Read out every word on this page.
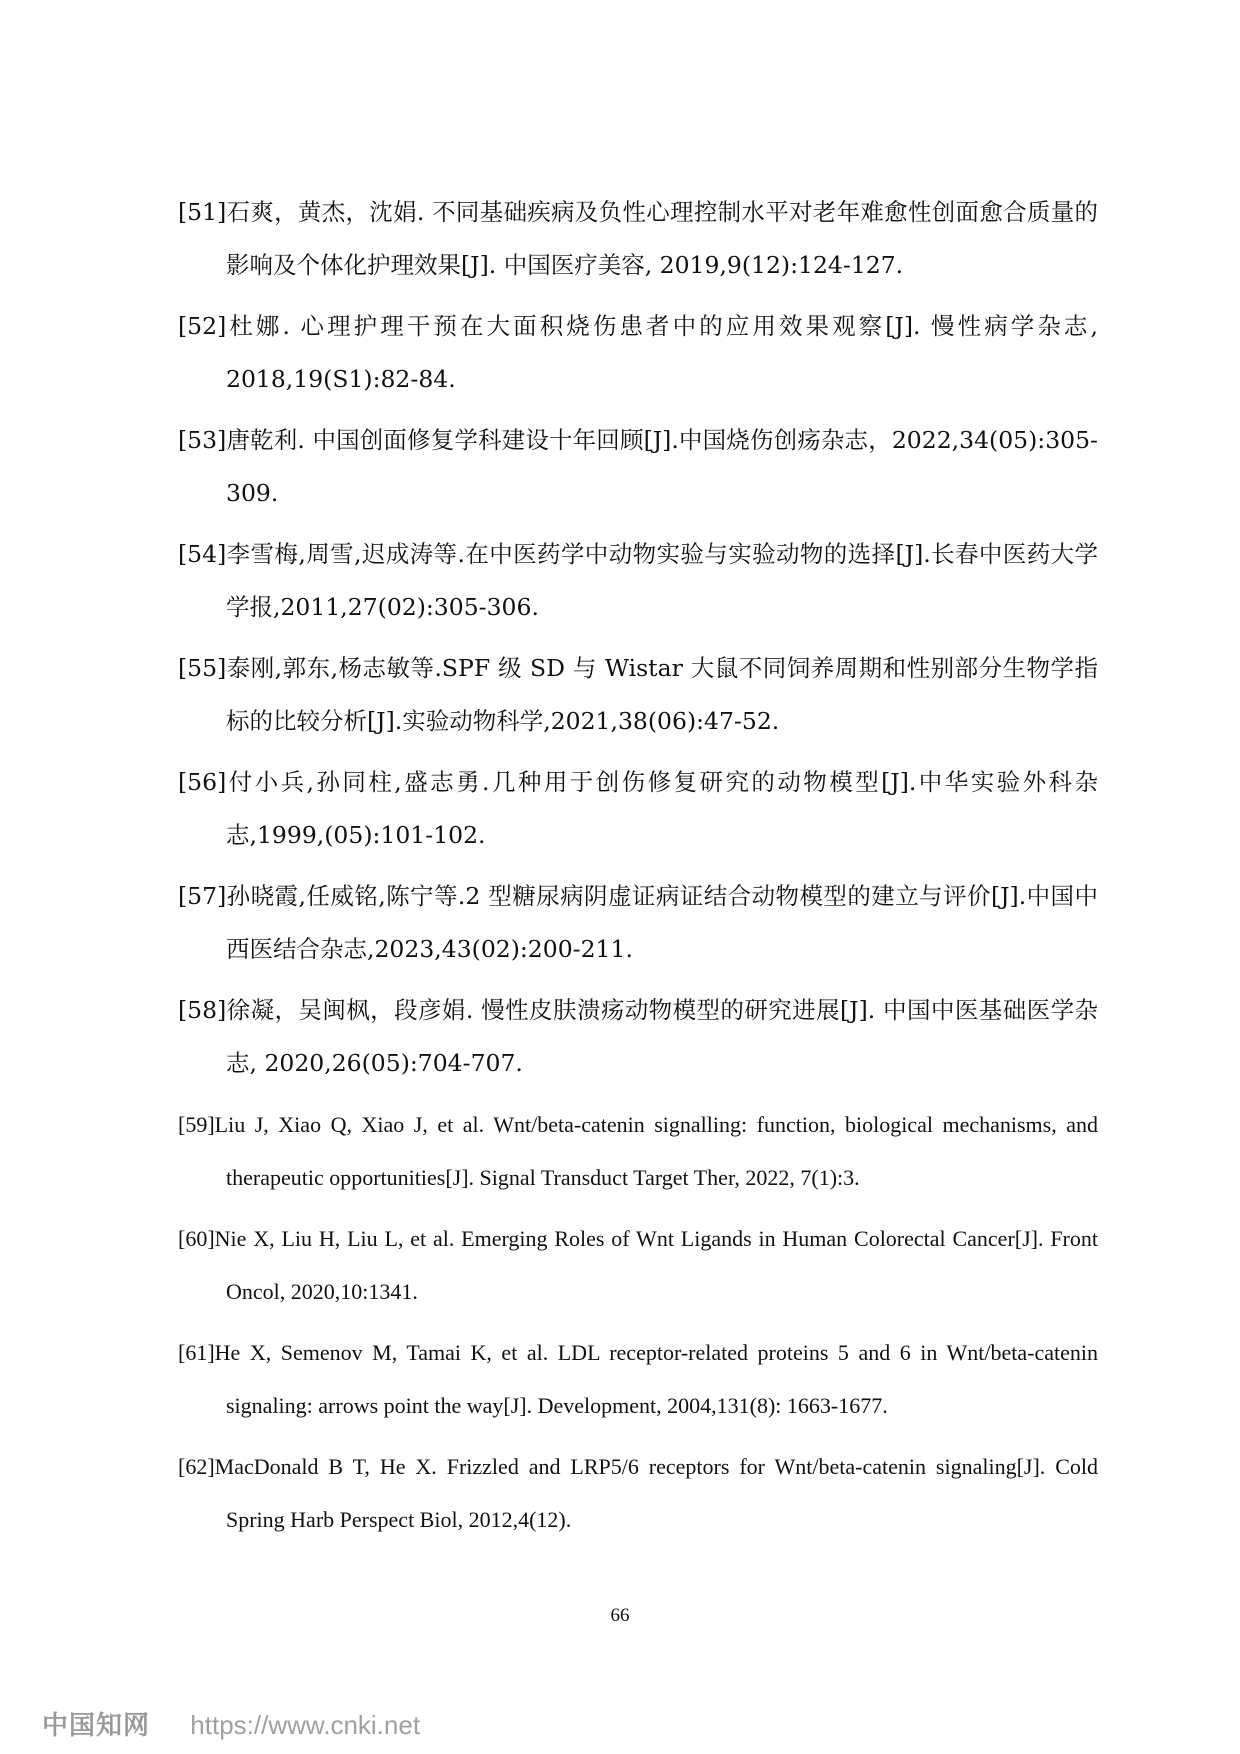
[51]石爽，黄杰，沈娟. 不同基础疾病及负性心理控制水平对老年难愈性创面愈合质量的影响及个体化护理效果[J]. 中国医疗美容, 2019,9(12):124-127.

[52]杜娜. 心理护理干预在大面积烧伤患者中的应用效果观察[J]. 慢性病学杂志, 2018,19(S1):82-84.

[53]唐乾利. 中国创面修复学科建设十年回顾[J].中国烧伤创疡杂志，2022,34(05):305-309.

[54]李雪梅,周雪,迟成涛等.在中医药学中动物实验与实验动物的选择[J].长春中医药大学学报,2011,27(02):305-306.

[55]泰刚,郭东,杨志敏等.SPF 级 SD 与 Wistar 大鼠不同饲养周期和性别部分生物学指标的比较分析[J].实验动物科学,2021,38(06):47-52.

[56]付小兵,孙同柱,盛志勇.几种用于创伤修复研究的动物模型[J].中华实验外科杂志,1999,(05):101-102.

[57]孙晓霞,任威铭,陈宁等.2 型糖尿病阴虚证病证结合动物模型的建立与评价[J].中国中西医结合杂志,2023,43(02):200-211.

[58]徐凝，吴闽枫，段彦娟. 慢性皮肤溃疡动物模型的研究进展[J]. 中国中医基础医学杂志, 2020,26(05):704-707.

[59]Liu J, Xiao Q, Xiao J, et al. Wnt/beta-catenin signalling: function, biological mechanisms, and therapeutic opportunities[J]. Signal Transduct Target Ther, 2022, 7(1):3.

[60]Nie X, Liu H, Liu L, et al. Emerging Roles of Wnt Ligands in Human Colorectal Cancer[J]. Front Oncol, 2020,10:1341.

[61]He X, Semenov M, Tamai K, et al. LDL receptor-related proteins 5 and 6 in Wnt/beta-catenin signaling: arrows point the way[J]. Development, 2004,131(8): 1663-1677.

[62]MacDonald B T, He X. Frizzled and LRP5/6 receptors for Wnt/beta-catenin signaling[J]. Cold Spring Harb Perspect Biol, 2012,4(12).

66
中国知网 https://www.cnki.net
